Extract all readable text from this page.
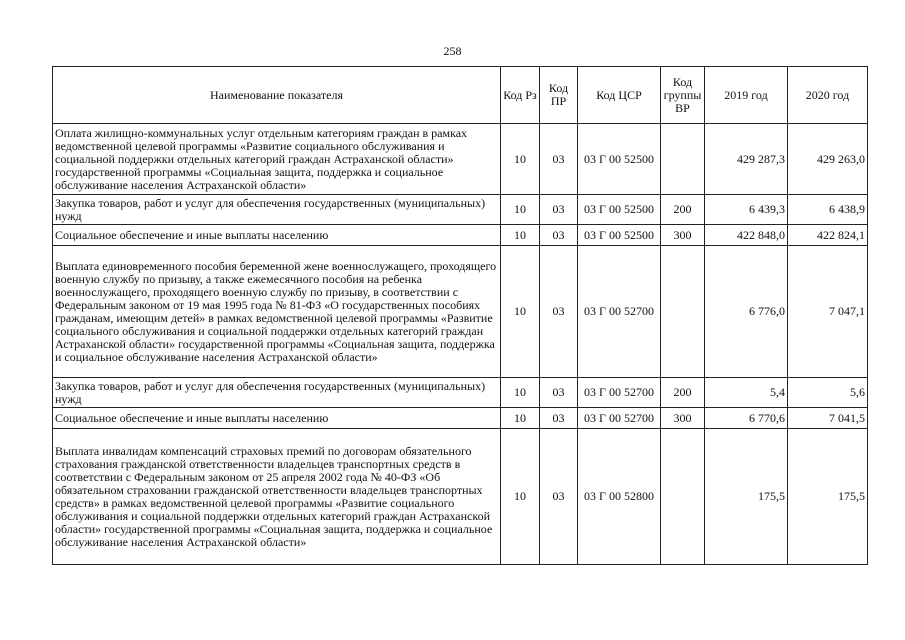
258
Наименование показателя	Код Рз	Код ПР	Код ЦСР	Код группы ВР	2019 год	2020 год
Оплата жилищно-коммунальных услуг отдельным категориям граждан в рамках ведомственной целевой программы «Развитие социального обслуживания и социальной поддержки отдельных категорий граждан Астраханской области» государственной программы «Социальная защита, поддержка и социальное обслуживание населения Астраханской области»	10	03	03 Г 00 52500		429 287,3	429 263,0
Закупка товаров, работ и услуг для обеспечения государственных (муниципальных) нужд	10	03	03 Г 00 52500	200	6 439,3	6 438,9
Социальное обеспечение и иные выплаты населению	10	03	03 Г 00 52500	300	422 848,0	422 824,1
Выплата единовременного пособия беременной жене военнослужащего, проходящего военную службу по призыву, а также ежемесячного пособия на ребенка военнослужащего, проходящего военную службу по призыву, в соответствии с Федеральным законом от 19 мая 1995 года № 81-ФЗ «О государственных пособиях гражданам, имеющим детей» в рамках ведомственной целевой программы «Развитие социального обслуживания и социальной поддержки отдельных категорий граждан Астраханской области» государственной программы «Социальная защита, поддержка и социальное обслуживание населения Астраханской области»	10	03	03 Г 00 52700		6 776,0	7 047,1
Закупка товаров, работ и услуг для обеспечения государственных (муниципальных) нужд	10	03	03 Г 00 52700	200	5,4	5,6
Социальное обеспечение и иные выплаты населению	10	03	03 Г 00 52700	300	6 770,6	7 041,5
Выплата инвалидам компенсаций страховых премий по договорам обязательного страхования гражданской ответственности владельцев транспортных средств в соответствии с Федеральным законом от 25 апреля 2002 года № 40-ФЗ «Об обязательном страховании гражданской ответственности владельцев транспортных средств» в рамках ведомственной целевой программы «Развитие социального обслуживания и социальной поддержки отдельных категорий граждан Астраханской области» государственной программы «Социальная защита, поддержка и социальное обслуживание населения Астраханской области»	10	03	03 Г 00 52800		175,5	175,5
